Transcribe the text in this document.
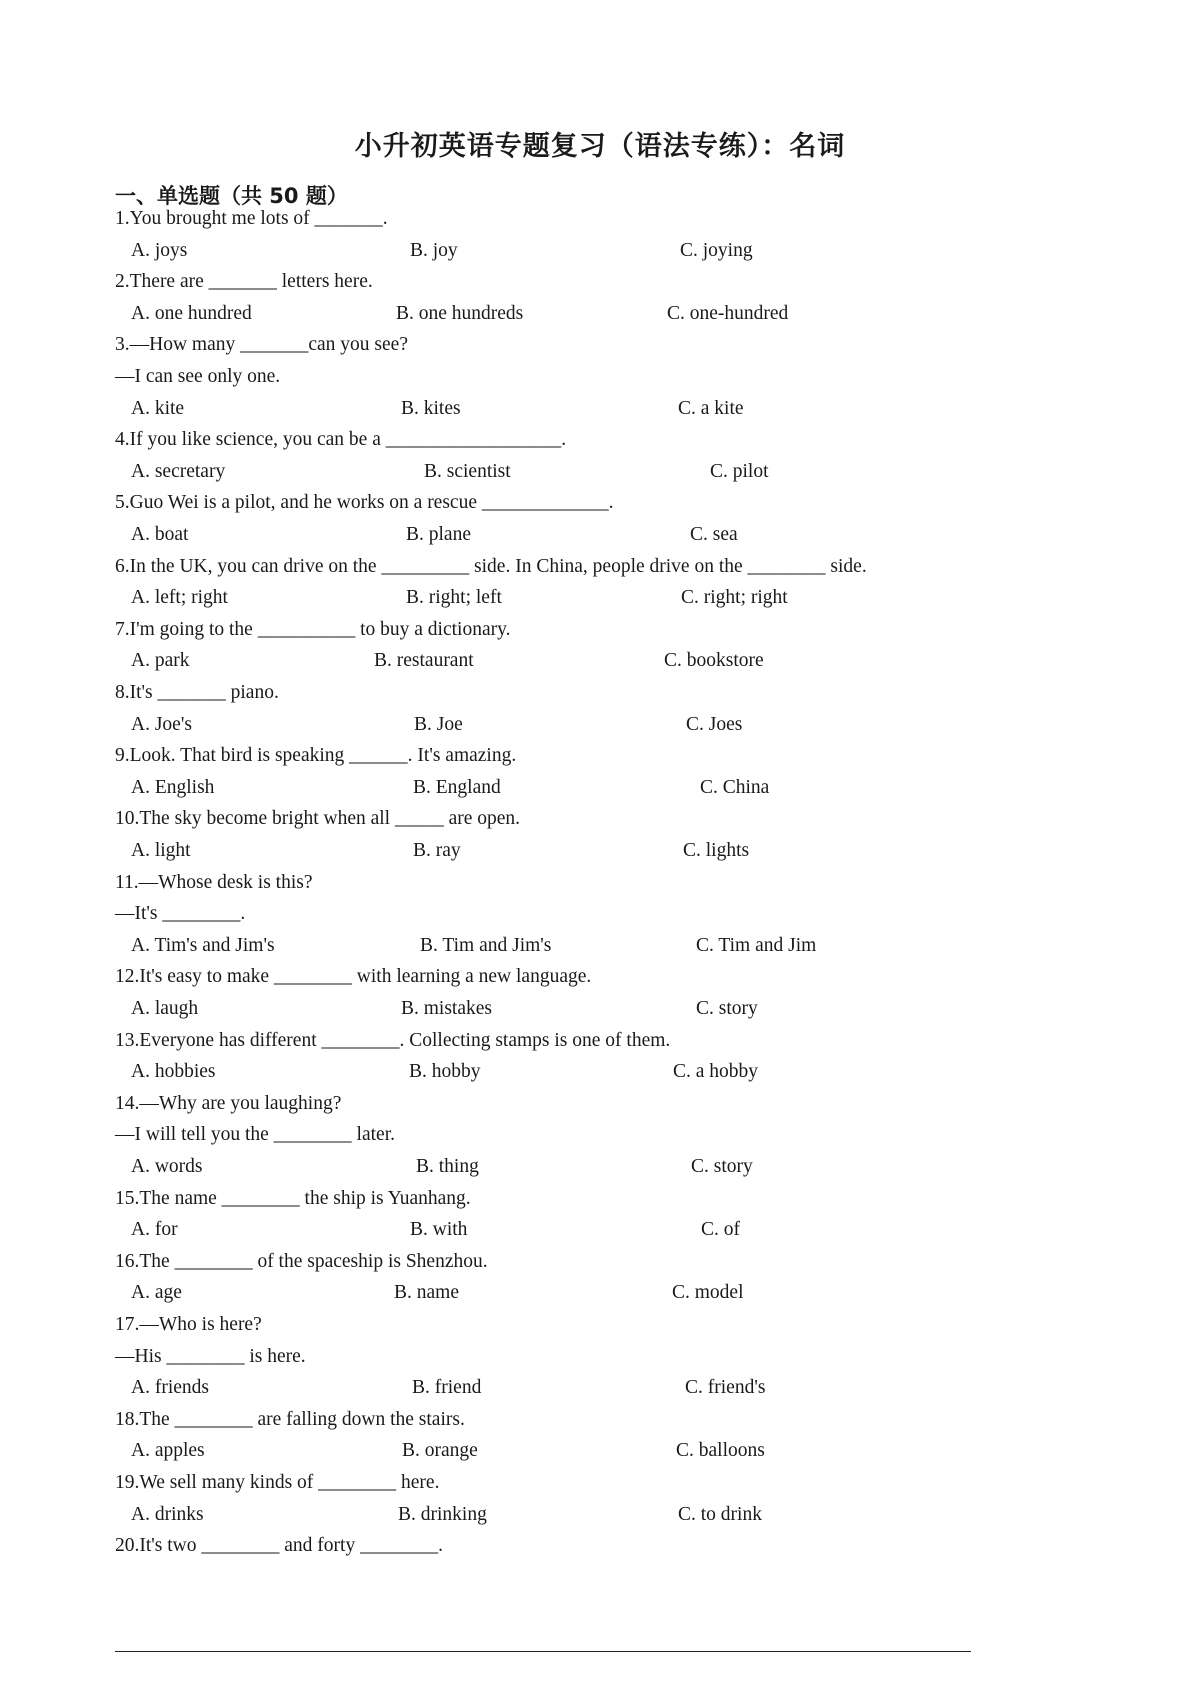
小升初英语专题复习（语法专练）：名词
一、单选题（共 50 题）
1.You brought me lots of _______.
A. joys	B. joy	C. joying
2.There are _______ letters here.
A. one hundred	B. one hundreds	C. one-hundred
3.—How many _______can you see?
—I can see only one.
A. kite	B. kites	C. a kite
4.If you like science, you can be a __________________.
A. secretary	B. scientist	C. pilot
5.Guo Wei is a pilot, and he works on a rescue _____________.
A. boat	B. plane	C. sea
6.In the UK, you can drive on the _________ side. In China, people drive on the ________ side.
A. left; right	B. right; left	C. right; right
7.I'm going to the __________ to buy a dictionary.
A. park	B. restaurant	C. bookstore
8.It's _______ piano.
A. Joe's	B. Joe	C. Joes
9.Look. That bird is speaking ______. It's amazing.
A. English	B. England	C. China
10.The sky become bright when all _____ are open.
A. light	B. ray	C. lights
11.—Whose desk is this?
—It's ________.
A. Tim's and Jim's	B. Tim and Jim's	C. Tim and Jim
12.It's easy to make ________ with learning a new language.
A. laugh	B. mistakes	C. story
13.Everyone has different ________. Collecting stamps is one of them.
A. hobbies	B. hobby	C. a hobby
14.—Why are you laughing?
—I will tell you the ________ later.
A. words	B. thing	C. story
15.The name ________ the ship is Yuanhang.
A. for	B. with	C. of
16.The ________ of the spaceship is Shenzhou.
A. age	B. name	C. model
17.—Who is here?
—His ________ is here.
A. friends	B. friend	C. friend's
18.The ________ are falling down the stairs.
A. apples	B. orange	C. balloons
19.We sell many kinds of ________ here.
A. drinks	B. drinking	C. to drink
20.It's two ________ and forty ________.
